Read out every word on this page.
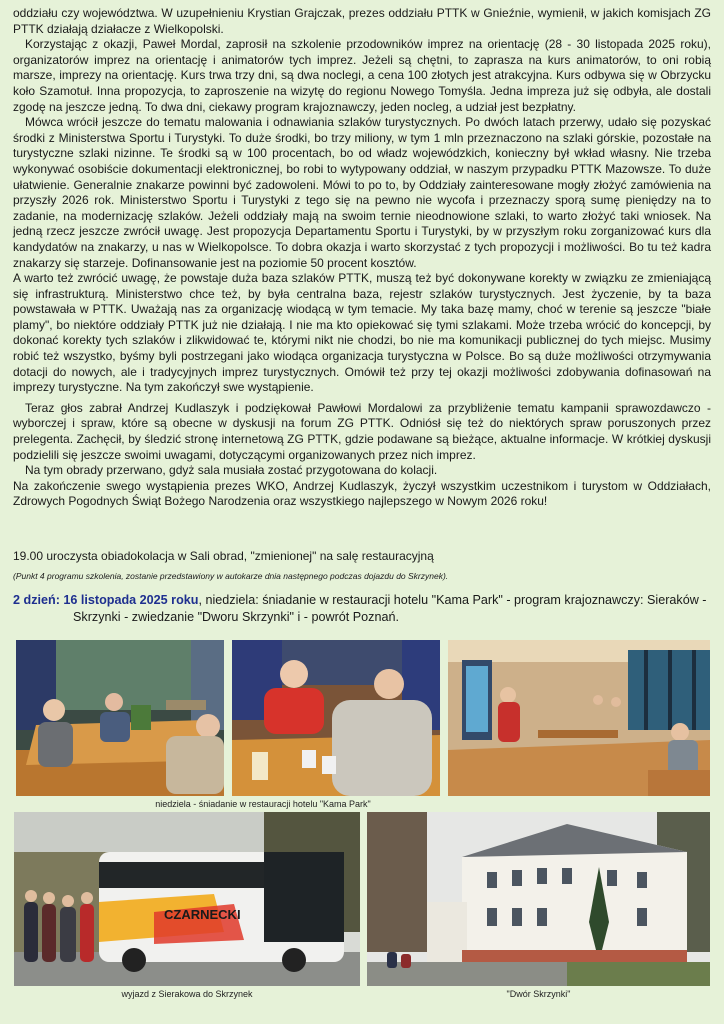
oddziału czy województwa. W uzupełnieniu Krystian Grajczak, prezes oddziału PTTK w Gnieźnie, wymienił, w jakich komisjach ZG PTTK działają działacze z Wielkopolski.

Korzystając z okazji, Paweł Mordal, zaprosił na szkolenie przodowników imprez na orientację (28 - 30 listopada 2025 roku), organizatorów imprez na orientację i animatorów tych imprez. Jeżeli są chętni, to zaprasza na kurs animatorów, to oni robią marsze, imprezy na orientację. Kurs trwa trzy dni, są dwa noclegi, a cena 100 złotych jest atrakcyjna. Kurs odbywa się w Obrzycku koło Szamotuł. Inna propozycja, to zaproszenie na wizytę do regionu Nowego Tomyśla. Jedna impreza już się odbyła, ale dostali zgodę na jeszcze jedną. To dwa dni, ciekawy program krajoznawczy, jeden nocleg, a udział jest bezpłatny.

Mówca wrócił jeszcze do tematu malowania i odnawiania szlaków turystycznych. Po dwóch latach przerwy, udało się pozyskać środki z Ministerstwa Sportu i Turystyki. To duże środki, bo trzy miliony, w tym 1 mln przeznaczono na szlaki górskie, pozostałe na turystyczne szlaki nizinne. Te środki są w 100 procentach, bo od władz wojewódzkich, konieczny był wkład własny. Nie trzeba wykonywać osobiście dokumentacji elektronicznej, bo robi to wytypowany oddział, w naszym przypadku PTTK Mazowsze. To duże ułatwienie. Generalnie znakarze powinni być zadowoleni. Mówi to po to, by Oddziały zainteresowane mogły złożyć zamówienia na przyszły 2026 rok. Ministerstwo Sportu i Turystyki z tego się na pewno nie wycofa i przeznaczy sporą sumę pieniędzy na to zadanie, na modernizację szlaków. Jeżeli oddziały mają na swoim ternie nieodnowione szlaki, to warto złożyć taki wniosek. Na jedną rzecz jeszcze zwrócił uwagę. Jest propozycja Departamentu Sportu i Turystyki, by w przyszłym roku zorganizować kurs dla kandydatów na znakarzy, u nas w Wielkopolsce. To dobra okazja i warto skorzystać z tych propozycji i możliwości. Bo tu też kadra znakarzy się starzeje. Dofinansowanie jest na poziomie 50 procent kosztów.

A warto też zwrócić uwagę, że powstaje duża baza szlaków PTTK, muszą też być dokonywane korekty w związku ze zmieniającą się infrastrukturą. Ministerstwo chce też, by była centralna baza, rejestr szlaków turystycznych. Jest życzenie, by ta baza powstawała w PTTK. Uważają nas za organizację wiodącą w tym temacie. My taka bazę mamy, choć w terenie są jeszcze "białe plamy", bo niektóre oddziały PTTK już nie działają. I nie ma kto opiekować się tymi szlakami. Może trzeba wrócić do koncepcji, by dokonać korekty tych szlaków i zlikwidować te, którymi nikt nie chodzi, bo nie ma komunikacji publicznej do tych miejsc. Musimy robić też wszystko, byśmy byli postrzegani jako wiodąca organizacja turystyczna w Polsce. Bo są duże możliwości otrzymywania dotacji do nowych, ale i tradycyjnych imprez turystycznych. Omówił też przy tej okazji możliwości zdobywania dofinasowań na imprezy turystyczne. Na tym zakończył swe wystąpienie.

Teraz głos zabrał Andrzej Kudlaszyk i podziękował Pawłowi Mordalowi za przybliżenie tematu kampanii sprawozdawczo - wyborczej i spraw, które są obecne w dyskusji na forum ZG PTTK. Odniósł się też do niektórych spraw poruszonych przez prelegenta. Zachęcił, by śledzić stronę internetową ZG PTTK, gdzie podawane są bieżące, aktualne informacje. W krótkiej dyskusji podzielili się jeszcze swoimi uwagami, dotyczącymi organizowanych przez nich imprez.

Na tym obrady przerwano, gdyż sala musiała zostać przygotowana do kolacji.

Na zakończenie swego wystąpienia prezes WKO, Andrzej Kudlaszyk, życzył wszystkim uczestnikom i turystom w Oddziałach, Zdrowych Pogodnych Świąt Bożego Narodzenia oraz wszystkiego najlepszego w Nowym 2026 roku!

19.00 uroczysta obiadokolacja w Sali obrad, "zmienionej" na salę restauracyjną
(Punkt 4 programu szkolenia, zostanie przedstawiony w autokarze dnia następnego podczas dojazdu do Skrzynek).
2 dzień: 16 listopada 2025 roku, niedziela: śniadanie w restauracji hotelu "Kama Park" - program krajoznawczy: Sieraków -
Skrzynki - zwiedzanie "Dworu Skrzynki" i - powrót Poznań.
niedziela - śniadanie w restauracji hotelu "Kama Park"
CZARNECKI
wyjazd z Sierakowa do Skrzynek	"Dwór Skrzynki"
